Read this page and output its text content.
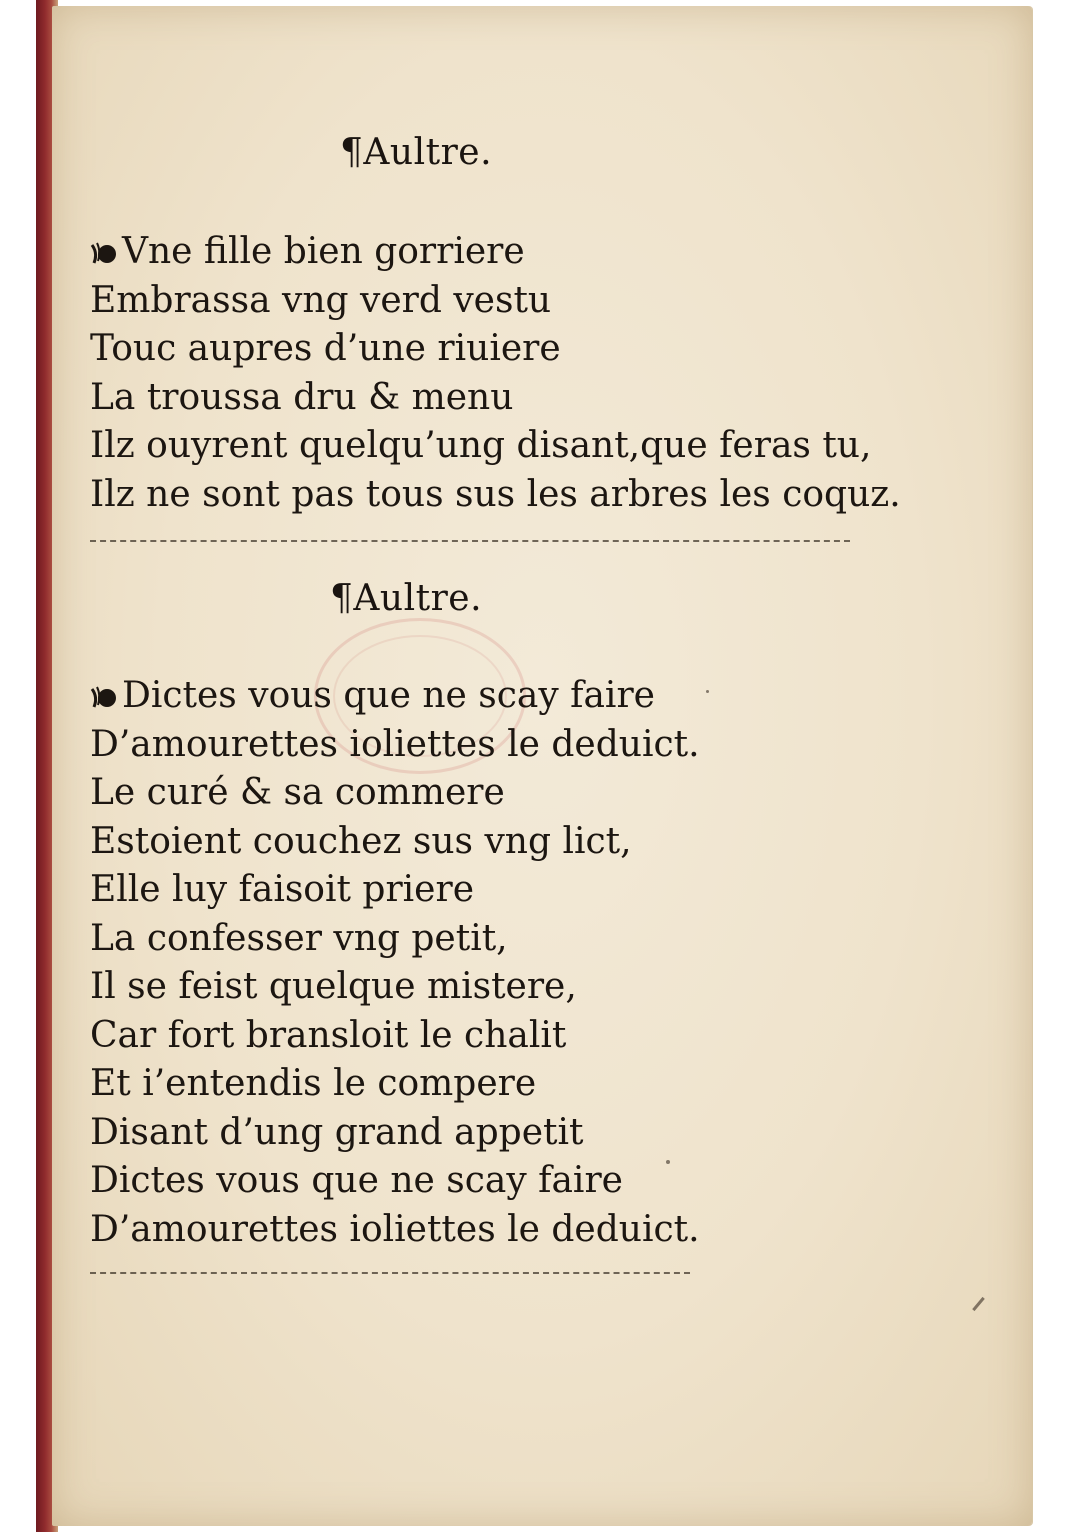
¶Aultre.
Vne fille bien gorriere
Embrassa vng verd vestu
Touc aupres d’une riuiere
La troussa dru & menu
Ilz ouyrent quelqu’ung disant,que feras tu,
Ilz ne sont pas tous sus les arbres les coquz.
¶Aultre.
Dictes vous que ne scay faire
D’amourettes ioliettes le deduict.
Le curé & sa commere
Estoient couchez sus vng lict,
Elle luy faisoit priere
La confesser vng petit,
Il se feist quelque mistere,
Car fort bransloit le chalit
Et i’entendis le compere
Disant d’ung grand appetit
Dictes vous que ne scay faire
D’amourettes ioliettes le deduict.
